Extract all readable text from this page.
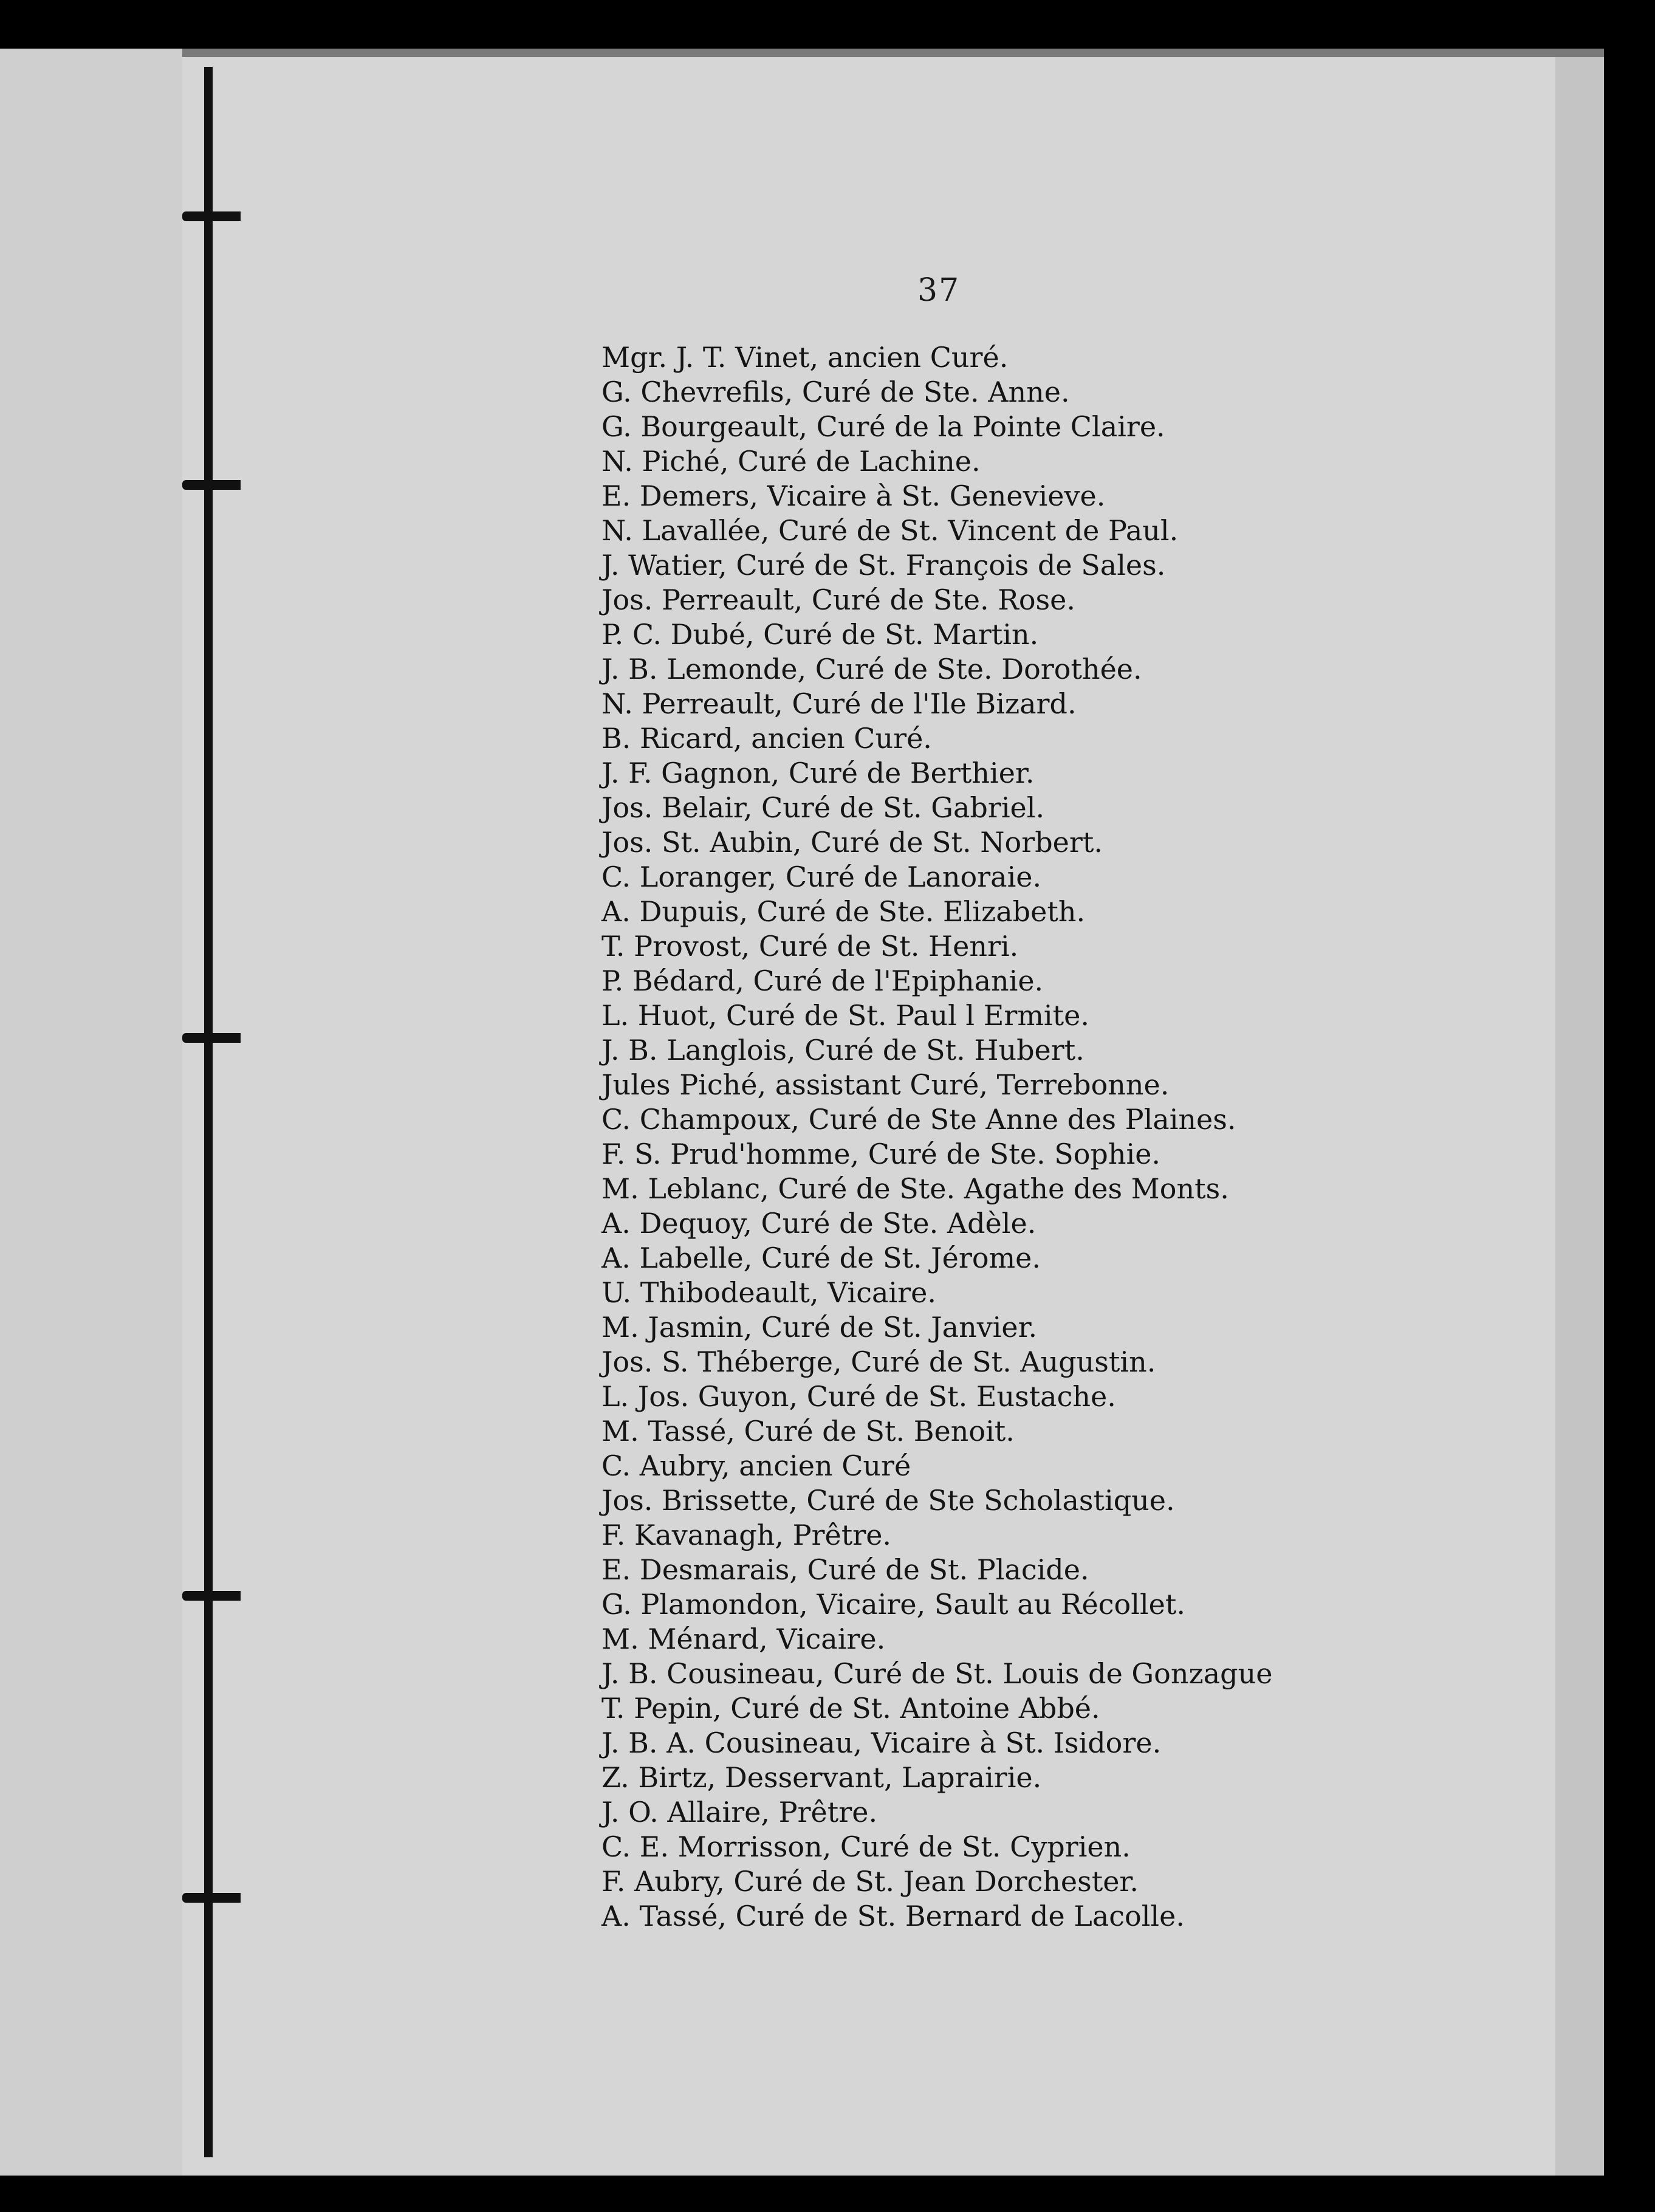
37
Mgr. J. T. Vinet, ancien Curé.
G. Chevrefils, Curé de Ste. Anne.
G. Bourgeault, Curé de la Pointe Claire.
N. Piché, Curé de Lachine.
E. Demers, Vicaire à St. Genevieve.
N. Lavallée, Curé de St. Vincent de Paul.
J. Watier, Curé de St. François de Sales.
Jos. Perreault, Curé de Ste. Rose.
P. C. Dubé, Curé de St. Martin.
J. B. Lemonde, Curé de Ste. Dorothée.
N. Perreault, Curé de l'Ile Bizard.
B. Ricard, ancien Curé.
J. F. Gagnon, Curé de Berthier.
Jos. Belair, Curé de St. Gabriel.
Jos. St. Aubin, Curé de St. Norbert.
C. Loranger, Curé de Lanoraie.
A. Dupuis, Curé de Ste. Elizabeth.
T. Provost, Curé de St. Henri.
P. Bédard, Curé de l'Epiphanie.
L. Huot, Curé de St. Paul l Ermite.
J. B. Langlois, Curé de St. Hubert.
Jules Piché, assistant Curé, Terrebonne.
C. Champoux, Curé de Ste Anne des Plaines.
F. S. Prud'homme, Curé de Ste. Sophie.
M. Leblanc, Curé de Ste. Agathe des Monts.
A. Dequoy, Curé de Ste. Adèle.
A. Labelle, Curé de St. Jérome.
U. Thibodeault, Vicaire.
M. Jasmin, Curé de St. Janvier.
Jos. S. Théberge, Curé de St. Augustin.
L. Jos. Guyon, Curé de St. Eustache.
M. Tassé, Curé de St. Benoit.
C. Aubry, ancien Curé
Jos. Brissette, Curé de Ste Scholastique.
F. Kavanagh, Prêtre.
E. Desmarais, Curé de St. Placide.
G. Plamondon, Vicaire, Sault au Récollet.
M. Ménard, Vicaire.
J. B. Cousineau, Curé de St. Louis de Gonzague
T. Pepin, Curé de St. Antoine Abbé.
J. B. A. Cousineau, Vicaire à St. Isidore.
Z. Birtz, Desservant, Laprairie.
J. O. Allaire, Prêtre.
C. E. Morrisson, Curé de St. Cyprien.
F. Aubry, Curé de St. Jean Dorchester.
A. Tassé, Curé de St. Bernard de Lacolle.
